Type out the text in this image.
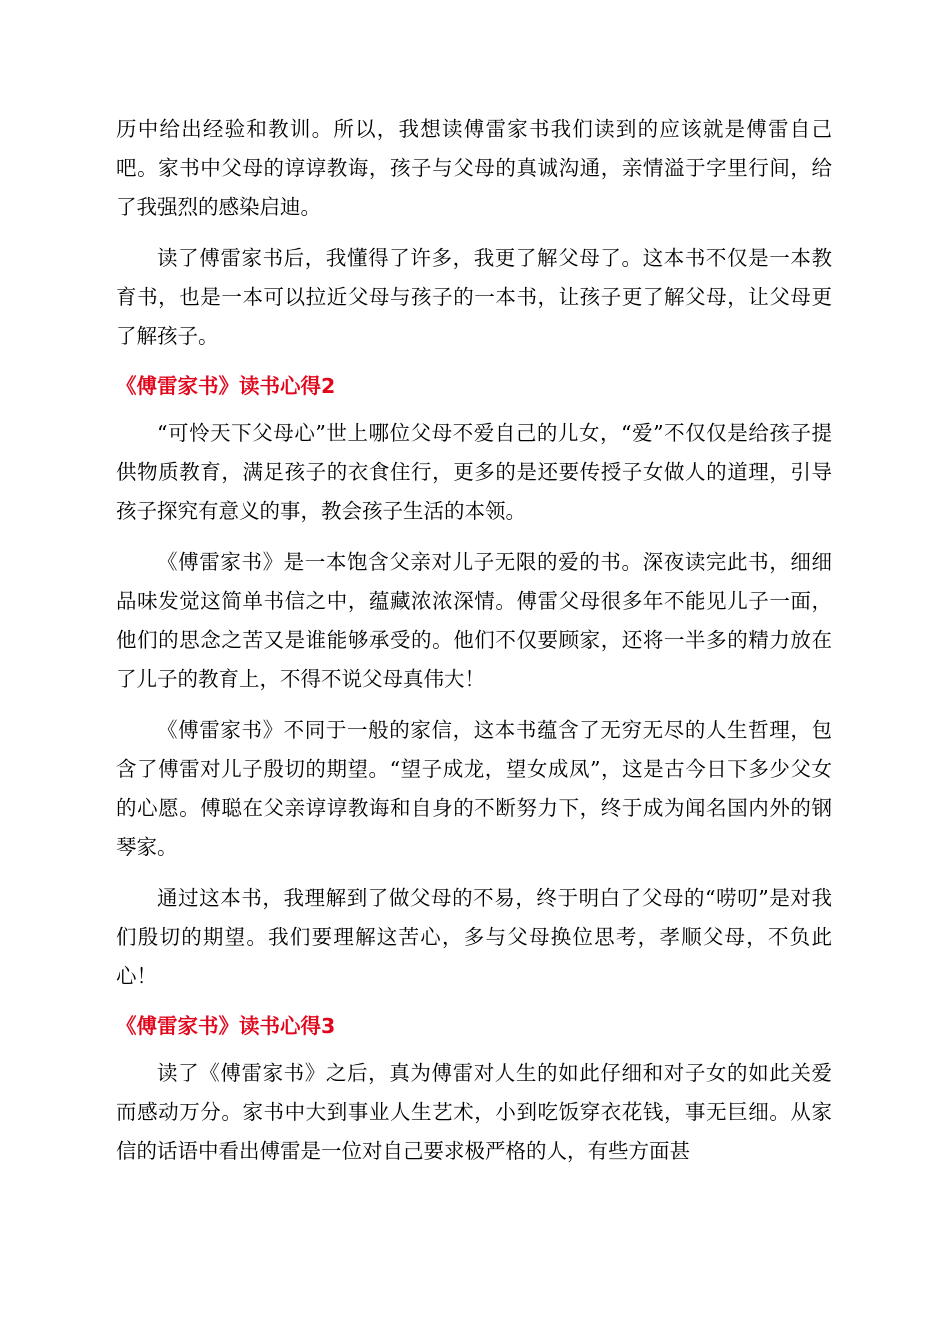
历中给出经验和教训。所以，我想读傅雷家书我们读到的应该就是傅雷自己吧。家书中父母的谆谆教诲，孩子与父母的真诚沟通，亲情溢于字里行间，给了我强烈的感染启迪。

读了傅雷家书后，我懂得了许多，我更了解父母了。这本书不仅是一本教育书，也是一本可以拉近父母与孩子的一本书，让孩子更了解父母，让父母更了解孩子。

《傅雷家书》读书心得2

“可怜天下父母心”世上哪位父母不爱自己的儿女，“爱”不仅仅是给孩子提供物质教育，满足孩子的衣食住行，更多的是还要传授子女做人的道理，引导孩子探究有意义的事，教会孩子生活的本领。

《傅雷家书》是一本饱含父亲对儿子无限的爱的书。深夜读完此书，细细品味发觉这简单书信之中，蕴藏浓浓深情。傅雷父母很多年不能见儿子一面，他们的思念之苦又是谁能够承受的。他们不仅要顾家，还将一半多的精力放在了儿子的教育上，不得不说父母真伟大！

《傅雷家书》不同于一般的家信，这本书蕴含了无穷无尽的人生哲理，包含了傅雷对儿子殷切的期望。“望子成龙，望女成凤”，这是古今日下多少父女的心愿。傅聪在父亲谆谆教诲和自身的不断努力下，终于成为闻名国内外的钢琴家。

通过这本书，我理解到了做父母的不易，终于明白了父母的“唠叨”是对我们殷切的期望。我们要理解这苦心，多与父母换位思考，孝顺父母，不负此心！

《傅雷家书》读书心得3

读了《傅雷家书》之后，真为傅雷对人生的如此仔细和对子女的如此关爱而感动万分。家书中大到事业人生艺术，小到吃饭穿衣花钱，事无巨细。从家信的话语中看出傅雷是一位对自己要求极严格的人，有些方面甚
